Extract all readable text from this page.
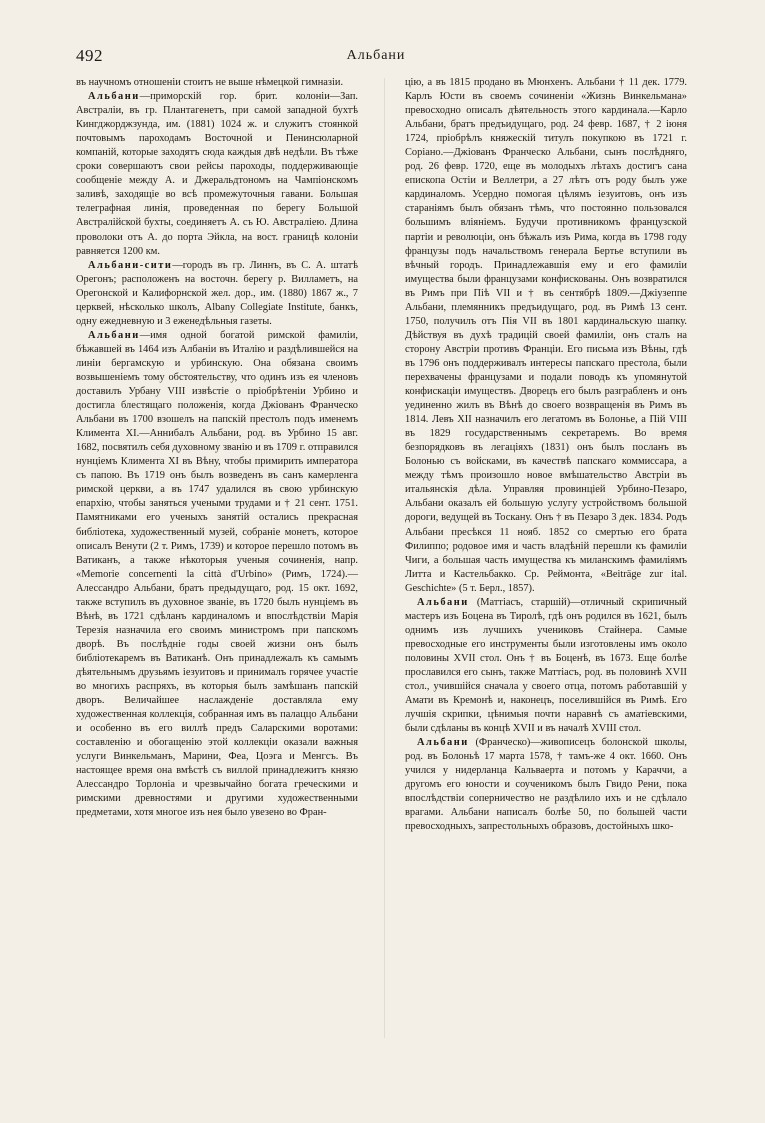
492	Альбани

въ научномъ отношеніи стоитъ не выше нѣмецкой гимназіи.

Альбани—приморскій гор. брит. колоніи—Зап. Австраліи, въ гр. Плантагенетъ, при самой западной бухтѣ Кингджорджзунда, им. (1881) 1024 ж. и служитъ стоянкой почтовымъ пароходамъ Восточной и Пенинсюларной компаній, которые заходятъ сюда каждыя двѣ недѣли. Въ тѣже сроки совершаютъ свои рейсы пароходы, поддерживающіе сообщеніе между А. и Джеральдтономъ на Чампіонскомъ заливѣ, заходящіе во всѣ промежуточныя гавани. Большая телеграфная линія, проведенная по берегу Большой Австралійской бухты, соединяетъ А. съ Ю. Австраліею. Длина проволоки отъ А. до порта Эйкла, на вост. границѣ колоніи равняется 1200 км.

Альбани-сити—городъ въ гр. Линнъ, въ С. А. штатѣ Орегонъ; расположенъ на восточн. берегу р. Вилламетъ, на Орегонской и Калифорнской жел. дор., им. (1880) 1867 ж., 7 церквей, нѣсколько школъ, Albany Collegiate Institute, банкъ, одну ежедневную и 3 еженедѣльныя газеты.

Альбани—имя одной богатой римской фамиліи, бѣжавшей въ 1464 изъ Албаніи въ Италію и раздѣлившейся на линіи бергамскую и урбинскую. Она обязана своимъ возвышеніемъ тому обстоятельству, что одинъ изъ ея членовъ доставилъ Урбану VIII извѣстіе о пріобрѣтеніи Урбино и достигла блестящаго положенія, когда Джіованъ Франческо Альбани въ 1700 взошелъ на папскій престолъ подъ именемъ Климента XI.—Аннибалъ Альбани, род. въ Урбино 15 авг. 1682, посвятилъ себя духовному званію и въ 1709 г. отправился нунціемъ Климента XI въ Вѣну, чтобы примирить императора съ папою. Въ 1719 онъ былъ возведенъ въ санъ камерленга римской церкви, а въ 1747 удалился въ свою урбинскую епархію, чтобы заняться учеными трудами и † 21 сент. 1751. Памятниками его ученыхъ занятій остались прекрасная библіотека, художественный музей, собраніе монетъ, которое описалъ Венути (2 т. Римъ, 1739) и которое перешло потомъ въ Ватиканъ, а также нѣкоторыя ученыя сочиненія, напр. «Memorie concernenti la città d'Urbino» (Римъ, 1724).—Алессандро Альбани, братъ предыдущаго, род. 15 окт. 1692, также вступилъ въ духовное званіе, въ 1720 былъ нунціемъ въ Вѣнѣ, въ 1721 сдѣланъ кардиналомъ и впослѣдствіи Марія Терезія назначила его своимъ министромъ при папскомъ дворѣ. Въ послѣдніе годы своей жизни онъ былъ библіотекаремъ въ Ватиканѣ. Онъ принадлежалъ къ самымъ дѣятельнымъ друзьямъ іезуитовъ и принималъ горячее участіе во многихъ распряхъ, въ которыя былъ замѣшанъ папскій дворъ. Величайшее наслажденіе доставляла ему художественная коллекція, собранная имъ въ палаццо Альбани и особенно въ его виллѣ предъ Саларскими воротами: составленію и обогащенію этой коллекціи оказали важныя услуги Винкельманъ, Марини, Феа, Цоэга и Менгсъ. Въ настоящее время она вмѣстѣ съ виллой принадлежитъ князю Алессандро Торлоніа и чрезвычайно богата греческими и римскими древностями и другими художественными предметами, хотя многое изъ нея было увезено во Фран-

цію, а въ 1815 продано въ Мюнхенъ. Альбани † 11 дек. 1779. Карлъ Юсти въ своемъ сочиненіи «Жизнь Винкельмана» превосходно описалъ дѣятельность этого кардинала.—Карло Альбани, братъ предъидущаго, род. 24 февр. 1687, † 2 іюня 1724, пріобрѣлъ княжескій титулъ покупкою въ 1721 г. Соріано.—Джіованъ Франческо Альбани, сынъ послѣдняго, род. 26 февр. 1720, еще въ молодыхъ лѣтахъ достигъ сана епископа Остіи и Веллетри, а 27 лѣтъ отъ роду былъ уже кардиналомъ. Усердно помогая цѣлямъ іезуитовъ, онъ изъ стараніямъ былъ обязанъ тѣмъ, что постоянно пользовался большимъ вліяніемъ. Будучи противникомъ французской партіи и революціи, онъ бѣжалъ изъ Рима, когда въ 1798 году французы подъ начальствомъ генерала Бертье вступили въ вѣчный городъ. Принадлежавшія ему и его фамиліи имущества были французами конфискованы. Онъ возвратился въ Римъ при Піѣ VII и † въ сентябрѣ 1809.—Джіузеппе Альбани, племянникъ предъидущаго, род. въ Римѣ 13 сент. 1750, получилъ отъ Пія VII въ 1801 кардинальскую шапку. Дѣйствуя въ духѣ традицій своей фамиліи, онъ сталъ на сторону Австріи противъ Франціи. Его письма изъ Вѣны, гдѣ въ 1796 онъ поддерживалъ интересы папскаго престола, были перехвачены французами и подали поводъ къ упомянутой конфискаціи имуществъ. Дворецъ его былъ разграбленъ и онъ уединенно жилъ въ Вѣнѣ до своего возвращенія въ Римъ въ 1814. Левъ XII назначилъ его легатомъ въ Болонье, а Пій VIII въ 1829 государственнымъ секретаремъ. Во время безпорядковъ въ легаціяхъ (1831) онъ былъ посланъ въ Болонью съ войсками, въ качествѣ папскаго коммиссара, а между тѣмъ произошло новое вмѣшательство Австріи въ итальянскія дѣла. Управляя провинціей Урбино-Пезаро, Альбани оказалъ ей большую услугу устройствомъ большой дороги, ведущей въ Тоскану. Онъ † въ Пезаро 3 дек. 1834. Родъ Альбани пресѣкся 11 нояб. 1852 со смертью его брата Филиппо; родовое имя и часть владѣній перешли къ фамиліи Чиги, а большая часть имущества къ миланскимъ фамиліямъ Литта и Кастельбакко. Ср. Реймонта, «Beiträge zur ital. Geschichte» (5 т. Берл., 1857).

Альбани (Маттіасъ, старшій)—отличный скрипичный мастеръ изъ Боцена въ Тиролѣ, гдѣ онъ родился въ 1621, былъ однимъ изъ лучшихъ учениковъ Стайнера. Самые превосходные его инструменты были изготовлены имъ около половины XVII стол. Онъ † въ Боценѣ, въ 1673. Еще болѣе прославился его сынъ, также Маттіасъ, род. въ половинѣ XVII стол., учившійся сначала у своего отца, потомъ работавшій у Амати въ Кремонѣ и, наконецъ, поселившійся въ Римѣ. Его лучшія скрипки, цѣнимыя почти наравнѣ съ аматіевскими, были сдѣланы въ концѣ XVII и въ началѣ XVIII стол.

Альбани (Франческо)—живописецъ болонской школы, род. въ Болоньѣ 17 марта 1578, † тамъ-же 4 окт. 1660. Онъ учился у нидерланца Кальваерта и потомъ у Караччи, а другомъ его юности и соученикомъ былъ Гвидо Рени, пока впослѣдствіи соперничество не раздѣлило ихъ и не сдѣлало врагами. Альбани написалъ болѣе 50, по большей части превосходныхъ, запрестольныхъ образовъ, достойныхъ шко-
